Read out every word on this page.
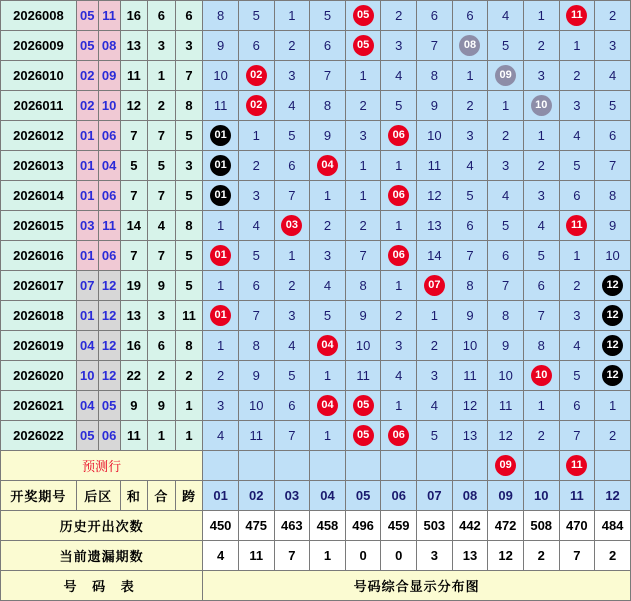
2026008	05	11	16	6	6	8	5	1	5	05	2	6	6	4	1	11	2
2026009	05	08	13	3	3	9	6	2	6	05	3	7	08	5	2	1	3
2026010	02	09	11	1	7	10	02	3	7	1	4	8	1	09	3	2	4
2026011	02	10	12	2	8	11	02	4	8	2	5	9	2	1	10	3	5
2026012	01	06	7	7	5	01	1	5	9	3	06	10	3	2	1	4	6
2026013	01	04	5	5	3	01	2	6	04	1	1	11	4	3	2	5	7
2026014	01	06	7	7	5	01	3	7	1	1	06	12	5	4	3	6	8
2026015	03	11	14	4	8	1	4	03	2	2	1	13	6	5	4	11	9
2026016	01	06	7	7	5	01	5	1	3	7	06	14	7	6	5	1	10
2026017	07	12	19	9	5	1	6	2	4	8	1	07	8	7	6	2	12
2026018	01	12	13	3	11	01	7	3	5	9	2	1	9	8	7	3	12
2026019	04	12	16	6	8	1	8	4	04	10	3	2	10	9	8	4	12
2026020	10	12	22	2	2	2	9	5	1	11	4	3	11	10	10	5	12
2026021	04	05	9	9	1	3	10	6	04	05	1	4	12	11	1	6	1
2026022	05	06	11	1	1	4	11	7	1	05	06	5	13	12	2	7	2
预测行														09		11	
开奖期号	后区		和	合	跨	01	02	03	04	05	06	07	08	09	10	11	12
历史开出次数						450	475	463	458	496	459	503	442	472	508	470	484
当前遗漏期数						4	11	7	1	0	0	3	13	12	2	7	2
号 码 表						号码综合显示分布图											
